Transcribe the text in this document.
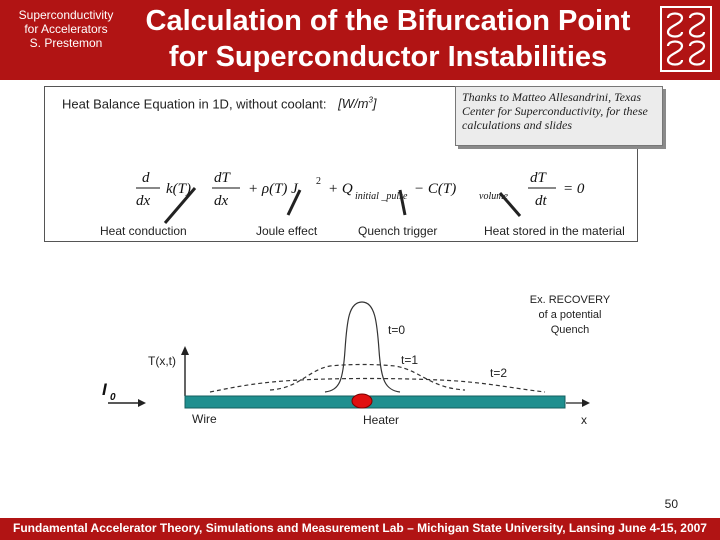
Superconductivity
for Accelerators
S. Prestemon
Calculation of the Bifurcation Point
for Superconductor Instabilities
Heat Balance Equation in 1D, without coolant: $[W/m^3]$	Thanks to Matteo Allesandrini, Texas Center for Superconductivity, for these calculations and slides
d
dx
k(T)
dT
dx
+ ρ(T) J 2 + Q initial _pulse − C(T) volume
dT
dt
= 0
Heat conduction	Joule effect	Quench trigger	Heat stored in the material
Ex. RECOVERY
of a potential
Quench
t=0
t=1
t=2
T(x,t)
Wire	Heater	x
I 0
50
Fundamental Accelerator Theory, Simulations and Measurement Lab – Michigan State University, Lansing June 4-15, 2007
